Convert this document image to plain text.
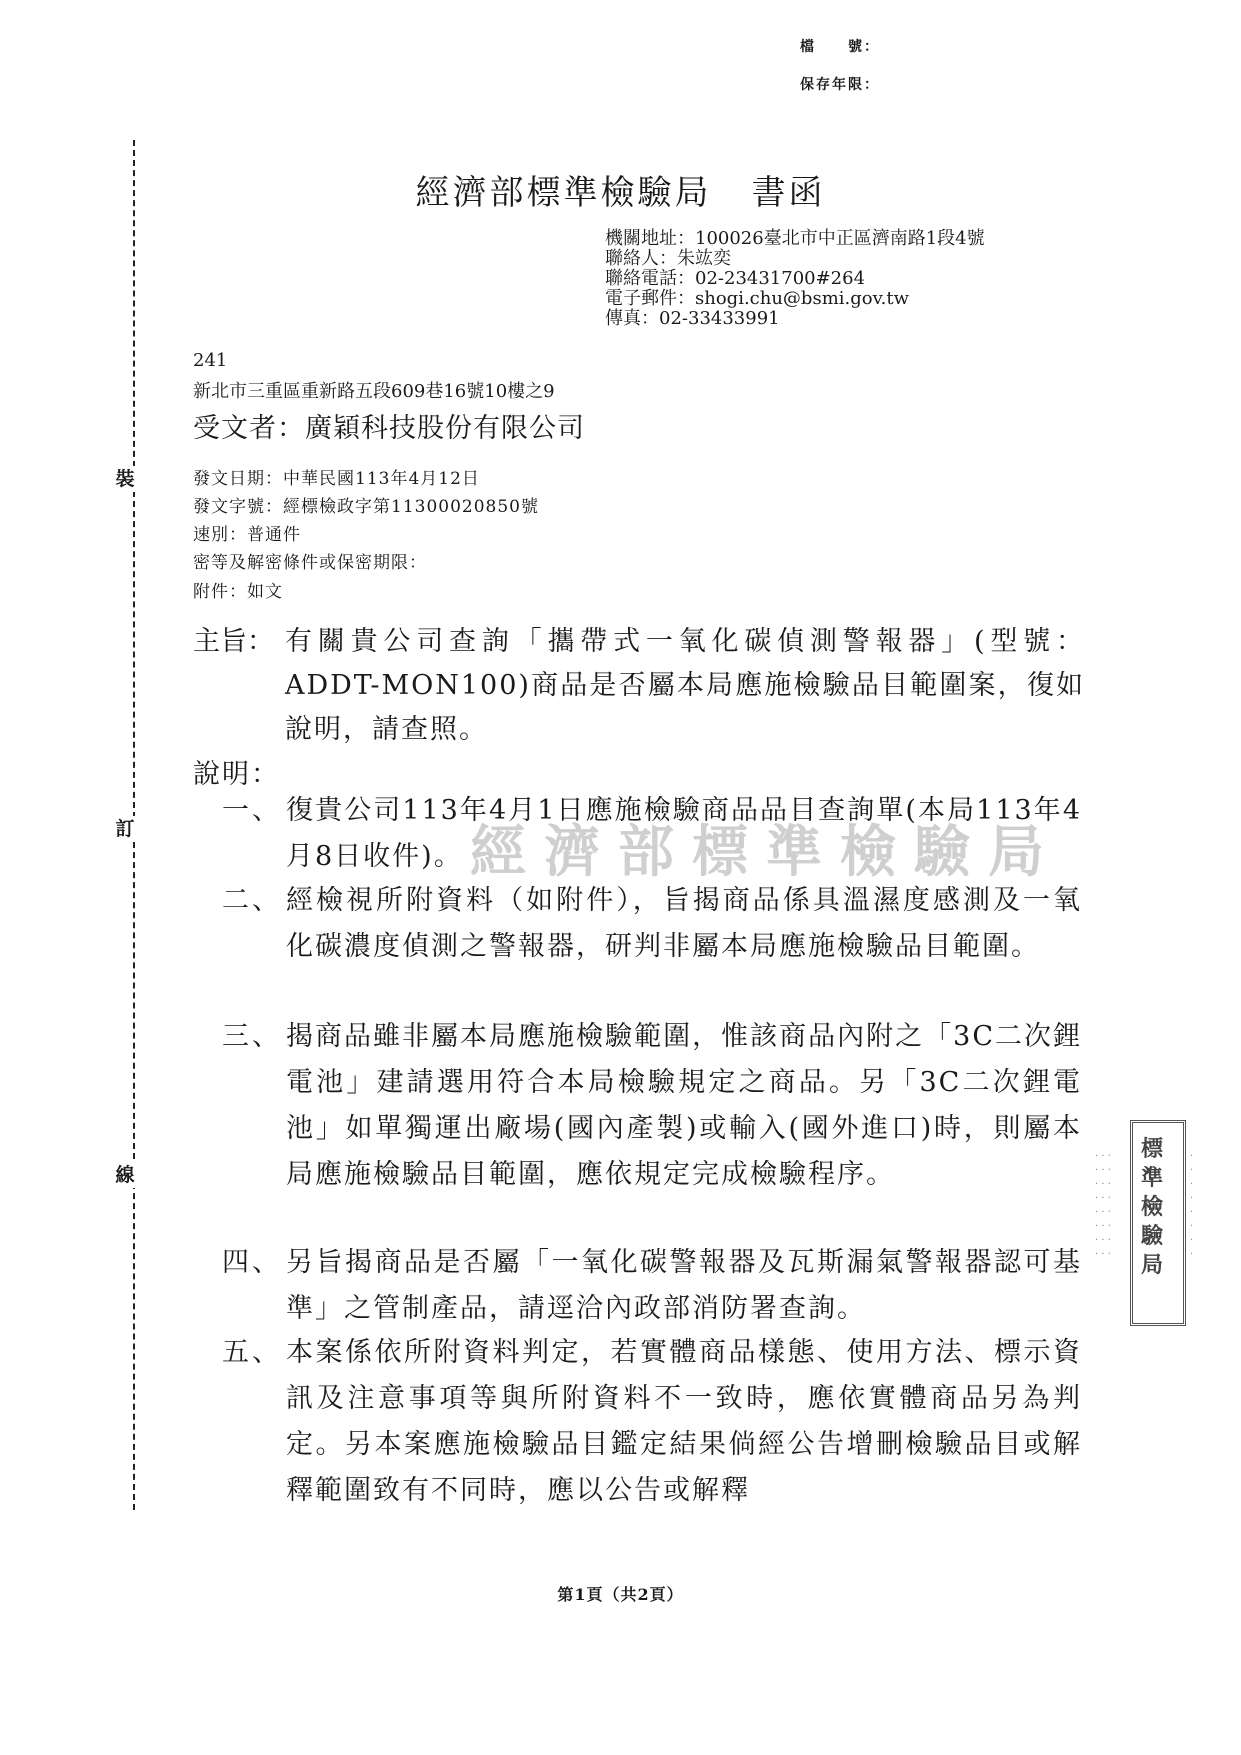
檔　　號：
保存年限：
裝
訂
線
經濟部標準檢驗局 書函
機關地址：100026臺北市中正區濟南路1段4號
聯絡人：朱竑奕
聯絡電話：02-23431700#264
電子郵件：shogi.chu@bsmi.gov.tw
傳真：02-33433991
241
新北市三重區重新路五段609巷16號10樓之9
受文者：廣穎科技股份有限公司
發文日期：中華民國113年4月12日
發文字號：經標檢政字第11300020850號
速別：普通件
密等及解密條件或保密期限：
附件：如文
主旨： 有關貴公司查詢「攜帶式一氧化碳偵測警報器」(型號：ADDT-MON100)商品是否屬本局應施檢驗品目範圍案，復如說明，請查照。
經濟部標準檢驗局
說明：
一、 復貴公司113年4月1日應施檢驗商品品目查詢單(本局113年4月8日收件)。
二、 經檢視所附資料（如附件），旨揭商品係具溫濕度感測及一氧化碳濃度偵測之警報器，研判非屬本局應施檢驗品目範圍。
三、 揭商品雖非屬本局應施檢驗範圍，惟該商品內附之「3C二次鋰電池」建請選用符合本局檢驗規定之商品。另「3C二次鋰電池」如單獨運出廠場(國內產製)或輸入(國外進口)時，則屬本局應施檢驗品目範圍，應依規定完成檢驗程序。
四、 另旨揭商品是否屬「一氧化碳警報器及瓦斯漏氣警報器認可基準」之管制產品，請逕洽內政部消防署查詢。
五、 本案係依所附資料判定，若實體商品樣態、使用方法、標示資訊及注意事項等與所附資料不一致時，應依實體商品另為判定。另本案應施檢驗品目鑑定結果倘經公告增刪檢驗品目或解釋範圍致有不同時，應以公告或解釋
· · ·
· · ·
· · ·
· · ·
· · ·
· · ·
· · ·
· · ·
標準檢驗局
·
·
·
·
·
·
·
·
第1頁（共2頁）
